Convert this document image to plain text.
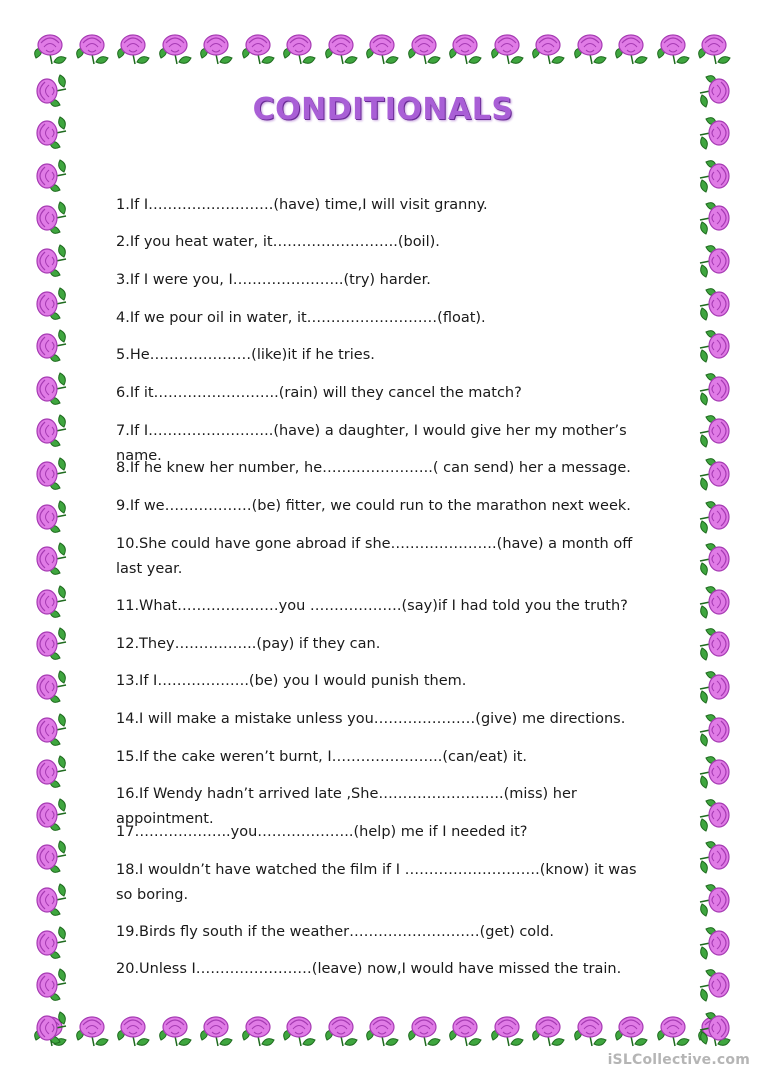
CONDITIONALS

1.If I………….………….(have) time,I will visit granny.

2.If you heat water, it……………………..(boil).

3.If I were you, I…………………..(try) harder.

4.If we pour oil in water, it………………………(float).

5.He…………………(like)it if he tries.

6.If it……………………..(rain) will they cancel the match?

7.If I……………………..(have) a daughter, I would give her my mother’s name.

8.If he knew her number, he…………………..( can send) her a message.

9.If we………………(be) fitter, we could run to the marathon next week.

10.She could have gone abroad if she………………….(have) a month off last year.

11.What…………………you ……………….(say)if I had told you the truth?

12.They……………..(pay) if they can.

13.If I……………….(be) you I would punish them.

14.I will make a mistake unless you…………………(give) me directions.

15.If the cake weren’t burnt, I…………………..(can/eat) it.

16.If Wendy hadn’t arrived late ,She……………………..(miss) her appointment.

17………………..you………………..(help) me if I needed it?

18.I wouldn’t have watched the film if I ……………………….(know) it was so boring.

19.Birds fly south if the weather………………………(get) cold.

20.Unless I……………………(leave) now,I would have missed the train.

iSLCollective.com
